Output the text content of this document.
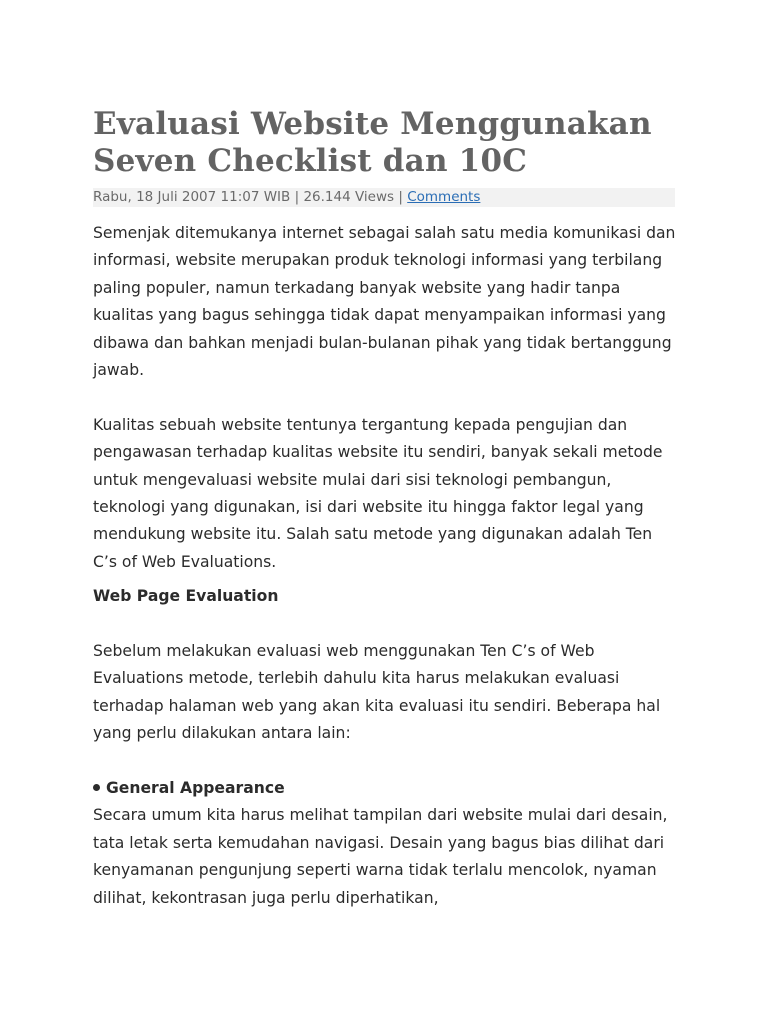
Evaluasi Website Menggunakan Seven Checklist dan 10C
Rabu, 18 Juli 2007 11:07 WIB | 26.144 Views | Comments

Semenjak ditemukanya internet sebagai salah satu media komunikasi dan informasi, website merupakan produk teknologi informasi yang terbilang paling populer, namun terkadang banyak website yang hadir tanpa kualitas yang bagus sehingga tidak dapat menyampaikan informasi yang dibawa dan bahkan menjadi bulan-bulanan pihak yang tidak bertanggung jawab.

Kualitas sebuah website tentunya tergantung kepada pengujian dan pengawasan terhadap kualitas website itu sendiri, banyak sekali metode untuk mengevaluasi website mulai dari sisi teknologi pembangun, teknologi yang digunakan, isi dari website itu hingga faktor legal yang mendukung website itu. Salah satu metode yang digunakan adalah Ten C’s of Web Evaluations.

Web Page Evaluation

Sebelum melakukan evaluasi web menggunakan Ten C’s of Web Evaluations metode, terlebih dahulu kita harus melakukan evaluasi terhadap halaman web yang akan kita evaluasi itu sendiri. Beberapa hal yang perlu dilakukan antara lain:

General Appearance

Secara umum kita harus melihat tampilan dari website mulai dari desain, tata letak serta kemudahan navigasi. Desain yang bagus bias dilihat dari kenyamanan pengunjung seperti warna tidak terlalu mencolok, nyaman dilihat, kekontrasan juga perlu diperhatikan,
